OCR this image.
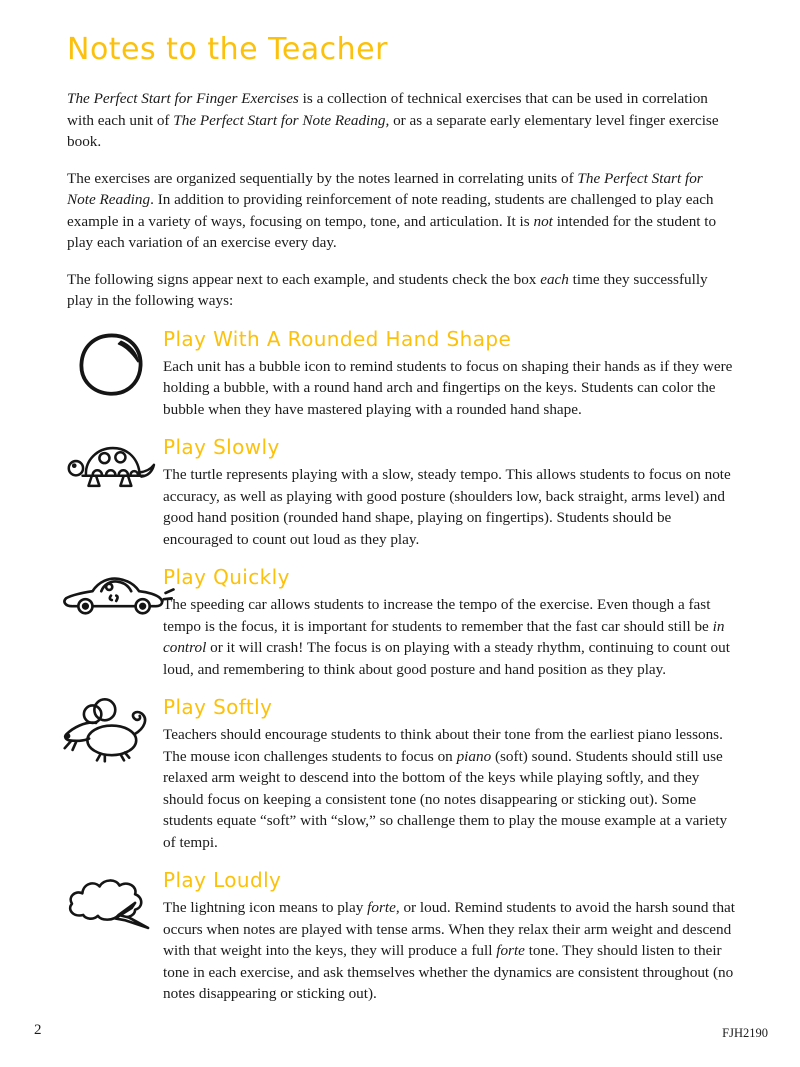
Notes to the Teacher

The Perfect Start for Finger Exercises is a collection of technical exercises that can be used in correlation with each unit of The Perfect Start for Note Reading, or as a separate early elementary level finger exercise book.

The exercises are organized sequentially by the notes learned in correlating units of The Perfect Start for Note Reading. In addition to providing reinforcement of note reading, students are challenged to play each example in a variety of ways, focusing on tempo, tone, and articulation. It is not intended for the student to play each variation of an exercise every day.

The following signs appear next to each example, and students check the box each time they successfully play in the following ways:

Play With A Rounded Hand Shape

Each unit has a bubble icon to remind students to focus on shaping their hands as if they were holding a bubble, with a round hand arch and fingertips on the keys. Students can color the bubble when they have mastered playing with a rounded hand shape.

Play Slowly

The turtle represents playing with a slow, steady tempo. This allows students to focus on note accuracy, as well as playing with good posture (shoulders low, back straight, arms level) and good hand position (rounded hand shape, playing on fingertips). Students should be encouraged to count out loud as they play.

Play Quickly

The speeding car allows students to increase the tempo of the exercise. Even though a fast tempo is the focus, it is important for students to remember that the fast car should still be in control or it will crash! The focus is on playing with a steady rhythm, continuing to count out loud, and remembering to think about good posture and hand position as they play.

Play Softly

Teachers should encourage students to think about their tone from the earliest piano lessons. The mouse icon challenges students to focus on piano (soft) sound. Students should still use relaxed arm weight to descend into the bottom of the keys while playing softly, and they should focus on keeping a consistent tone (no notes disappearing or sticking out). Some students equate “soft” with “slow,” so challenge them to play the mouse example at a variety of tempi.

Play Loudly

The lightning icon means to play forte, or loud. Remind students to avoid the harsh sound that occurs when notes are played with tense arms. When they relax their arm weight and descend with that weight into the keys, they will produce a full forte tone. They should listen to their tone in each exercise, and ask themselves whether the dynamics are consistent throughout (no notes disappearing or sticking out).

2	FJH2190
